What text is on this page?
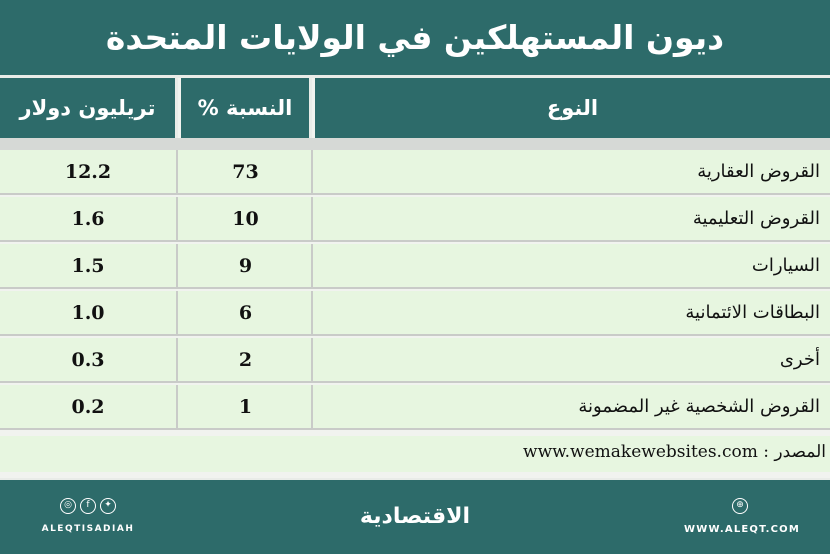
ديون المستهلكين في الولايات المتحدة
تريليون دولار	النسبة %	النوع
12.2	73	القروض العقارية
1.6	10	القروض التعليمية
1.5	9	السيارات
1.0	6	البطاقات الائتمانية
0.3	2	أخرى
0.2	1	القروض الشخصية غير المضمونة
المصدر : www.wemakewebsites.com
◎	f	✦
ALEQTISADIAH	الاقتصادية	⊕
WWW.ALEQT.COM
